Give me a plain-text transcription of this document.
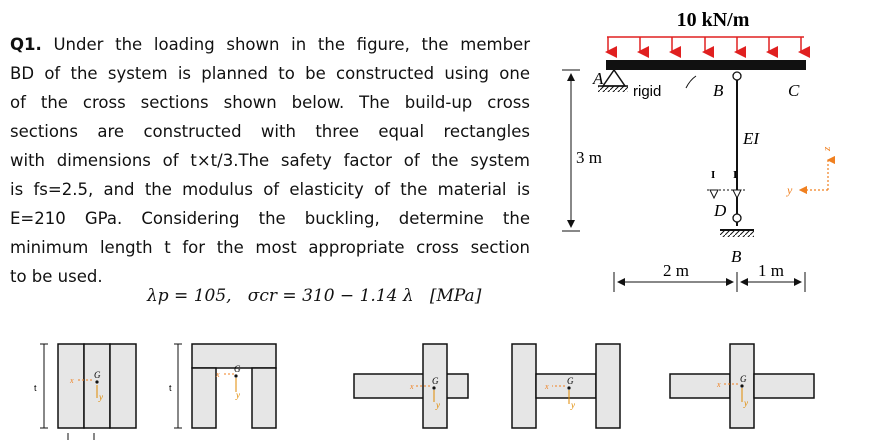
Q1. Under the loading shown in the figure, the member
BD of the system is planned to be constructed using one
of the cross sections shown below. The build-up cross
sections are constructed with three equal rectangles
with dimensions of t×t/3.The safety factor of the system
is fs=2.5, and the modulus of elasticity of the material is
E=210 GPa. Considering the buckling, determine the
minimum length t for the most appropriate cross section
to be used.
λp = 105, σcr = 310 − 1.14 λ [MPa]
10 kN/m
A
rigid	B	C
EI
I I
D
B
3 m
2 m	1 m
z
y
t
x
G
y
t
x
G
y
x
G
y
x
G
y
x
G
y
